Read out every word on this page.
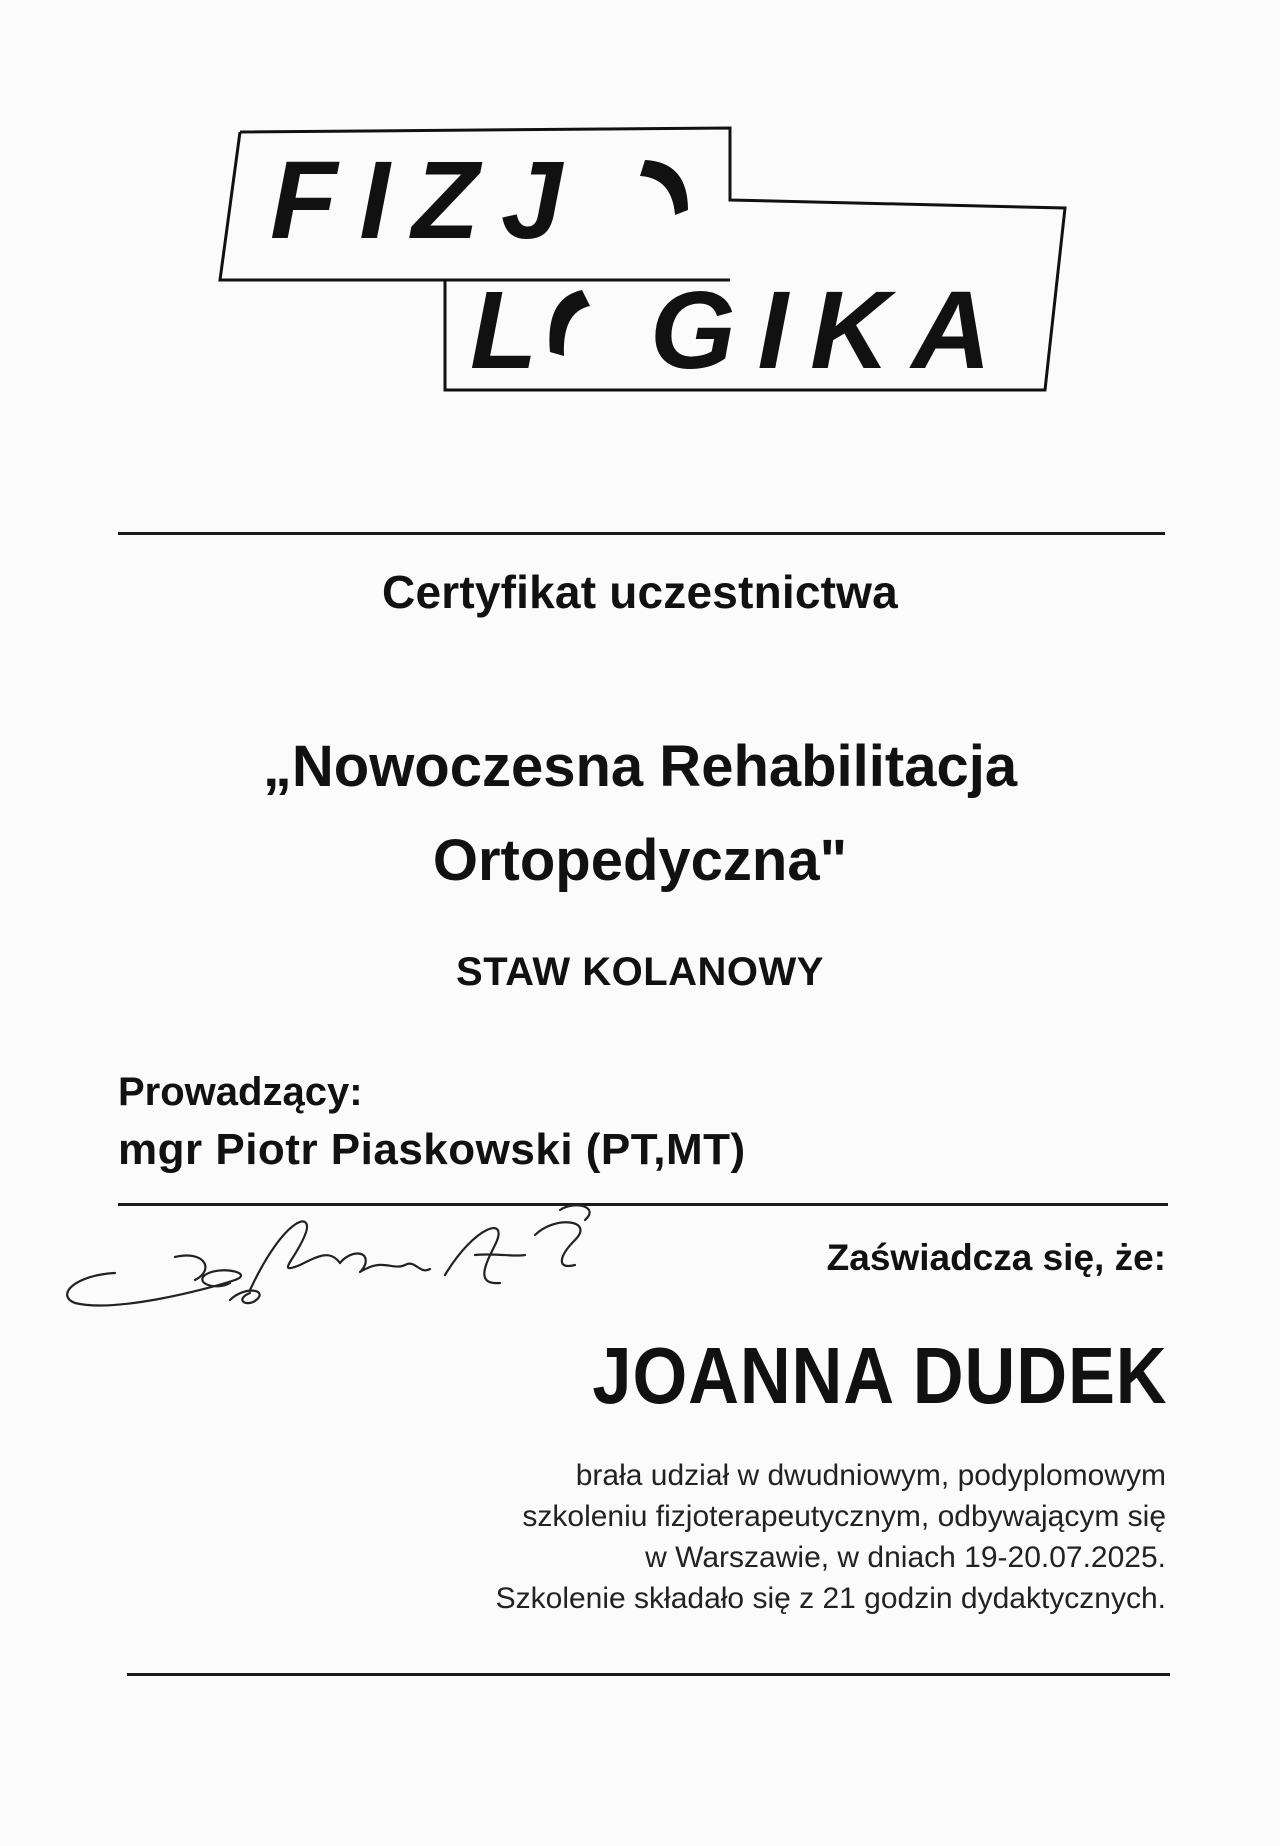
FIZJ
L GIKA
Certyfikat uczestnictwa
„Nowoczesna Rehabilitacja
Ortopedyczna"
STAW KOLANOWY
Prowadzący:
mgr Piotr Piaskowski (PT,MT)
Zaświadcza się, że:
JOANNA DUDEK
brała udział w dwudniowym, podyplomowym
szkoleniu fizjoterapeutycznym, odbywającym się
w Warszawie, w dniach 19-20.07.2025.
Szkolenie składało się z 21 godzin dydaktycznych.
